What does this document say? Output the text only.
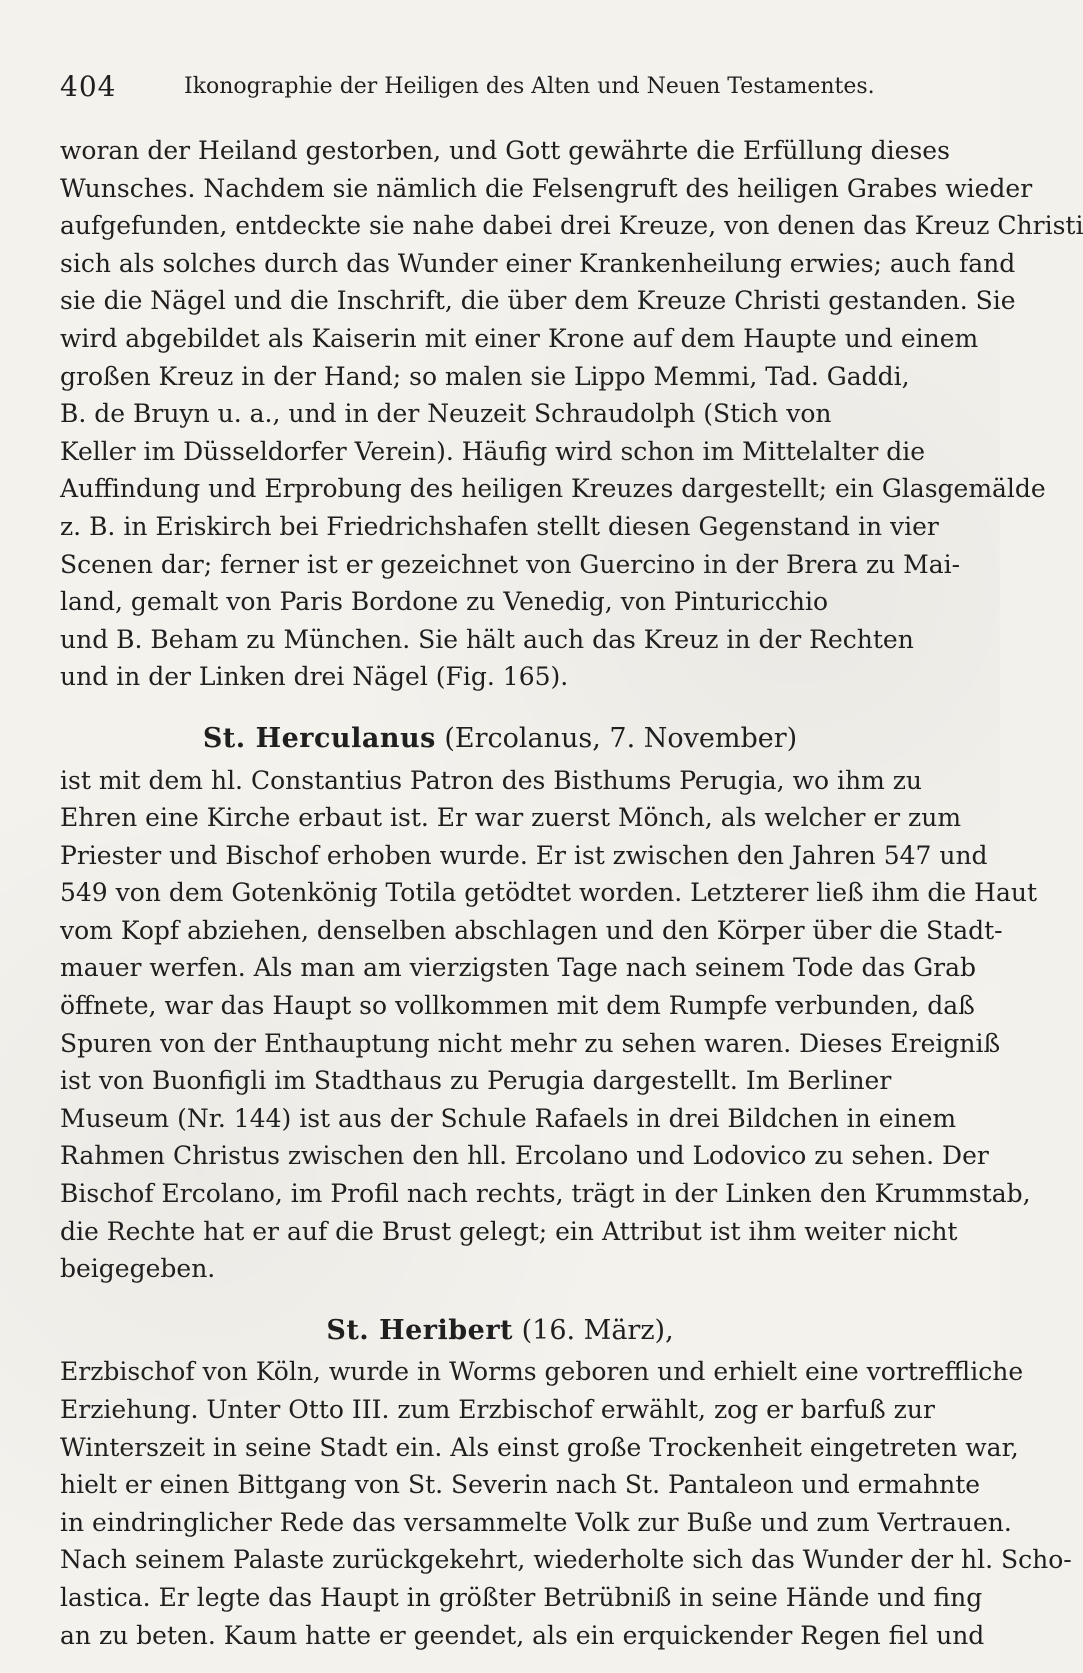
404	Ikonographie der Heiligen des Alten und Neuen Testamentes.
woran der Heiland gestorben, und Gott gewährte die Erfüllung dieses
Wunsches. Nachdem sie nämlich die Felsengruft des heiligen Grabes wieder
aufgefunden, entdeckte sie nahe dabei drei Kreuze, von denen das Kreuz Christi
sich als solches durch das Wunder einer Krankenheilung erwies; auch fand
sie die Nägel und die Inschrift, die über dem Kreuze Christi gestanden. Sie
wird abgebildet als Kaiserin mit einer Krone auf dem Haupte und einem
großen Kreuz in der Hand; so malen sie Lippo Memmi, Tad. Gaddi,
B. de Bruyn u. a., und in der Neuzeit Schraudolph (Stich von
Keller im Düsseldorfer Verein). Häufig wird schon im Mittelalter die
Auffindung und Erprobung des heiligen Kreuzes dargestellt; ein Glasgemälde
z. B. in Eriskirch bei Friedrichshafen stellt diesen Gegenstand in vier
Scenen dar; ferner ist er gezeichnet von Guercino in der Brera zu Mai-
land, gemalt von Paris Bordone zu Venedig, von Pinturicchio
und B. Beham zu München. Sie hält auch das Kreuz in der Rechten
und in der Linken drei Nägel (Fig. 165).
St. Herculanus (Ercolanus, 7. November)
ist mit dem hl. Constantius Patron des Bisthums Perugia, wo ihm zu
Ehren eine Kirche erbaut ist. Er war zuerst Mönch, als welcher er zum
Priester und Bischof erhoben wurde. Er ist zwischen den Jahren 547 und
549 von dem Gotenkönig Totila getödtet worden. Letzterer ließ ihm die Haut
vom Kopf abziehen, denselben abschlagen und den Körper über die Stadt-
mauer werfen. Als man am vierzigsten Tage nach seinem Tode das Grab
öffnete, war das Haupt so vollkommen mit dem Rumpfe verbunden, daß
Spuren von der Enthauptung nicht mehr zu sehen waren. Dieses Ereigniß
ist von Buonfigli im Stadthaus zu Perugia dargestellt. Im Berliner
Museum (Nr. 144) ist aus der Schule Rafaels in drei Bildchen in einem
Rahmen Christus zwischen den hll. Ercolano und Lodovico zu sehen. Der
Bischof Ercolano, im Profil nach rechts, trägt in der Linken den Krummstab,
die Rechte hat er auf die Brust gelegt; ein Attribut ist ihm weiter nicht
beigegeben.
St. Heribert (16. März),
Erzbischof von Köln, wurde in Worms geboren und erhielt eine vortreffliche
Erziehung. Unter Otto III. zum Erzbischof erwählt, zog er barfuß zur
Winterszeit in seine Stadt ein. Als einst große Trockenheit eingetreten war,
hielt er einen Bittgang von St. Severin nach St. Pantaleon und ermahnte
in eindringlicher Rede das versammelte Volk zur Buße und zum Vertrauen.
Nach seinem Palaste zurückgekehrt, wiederholte sich das Wunder der hl. Scho-
lastica. Er legte das Haupt in größter Betrübniß in seine Hände und fing
an zu beten. Kaum hatte er geendet, als ein erquickender Regen fiel und
